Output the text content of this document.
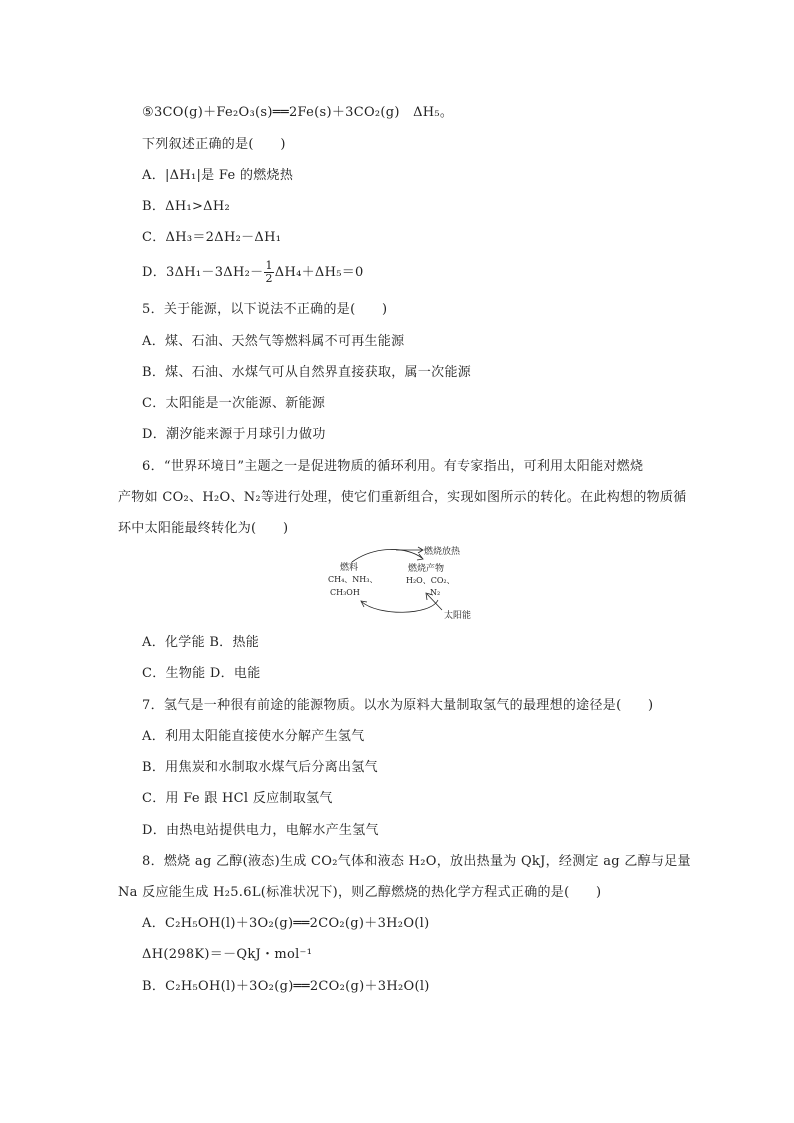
⑤3CO(g)＋Fe₂O₃(s)══2Fe(s)＋3CO₂(g)　ΔH₅。
下列叙述正确的是(　　)
A．|ΔH₁|是 Fe 的燃烧热
B．ΔH₁>ΔH₂
C．ΔH₃＝2ΔH₂－ΔH₁
D．$3\Delta H_1-3\Delta H_2- \frac{1}{2} \Delta H_4+\Delta H_5=0$
5．关于能源，以下说法不正确的是(　　)
A．煤、石油、天然气等燃料属不可再生能源
B．煤、石油、水煤气可从自然界直接获取，属一次能源
C．太阳能是一次能源、新能源
D．潮汐能来源于月球引力做功
6．“世界环境日”主题之一是促进物质的循环利用。有专家指出，可利用太阳能对燃烧
产物如 CO₂、H₂O、N₂等进行处理，使它们重新组合，实现如图所示的转化。在此构想的物质循
环中太阳能最终转化为(　　)
燃烧放热
燃料
CH₄、NH₃、
CH₃OH
燃烧产物
H₂O、CO₂、
N₂
太阳能
A．化学能 B．热能
C．生物能 D．电能
7．氢气是一种很有前途的能源物质。以水为原料大量制取氢气的最理想的途径是(　　)
A．利用太阳能直接使水分解产生氢气
B．用焦炭和水制取水煤气后分离出氢气
C．用 Fe 跟 HCl 反应制取氢气
D．由热电站提供电力，电解水产生氢气
8．燃烧 ag 乙醇(液态)生成 CO₂气体和液态 H₂O，放出热量为 QkJ，经测定 ag 乙醇与足量
Na 反应能生成 H₂5.6L(标准状况下)，则乙醇燃烧的热化学方程式正确的是(　　)
A．C₂H₅OH(l)＋3O₂(g)══2CO₂(g)＋3H₂O(l)
ΔH(298K)＝－QkJ・mol⁻¹
B．C₂H₅OH(l)＋3O₂(g)══2CO₂(g)＋3H₂O(l)
